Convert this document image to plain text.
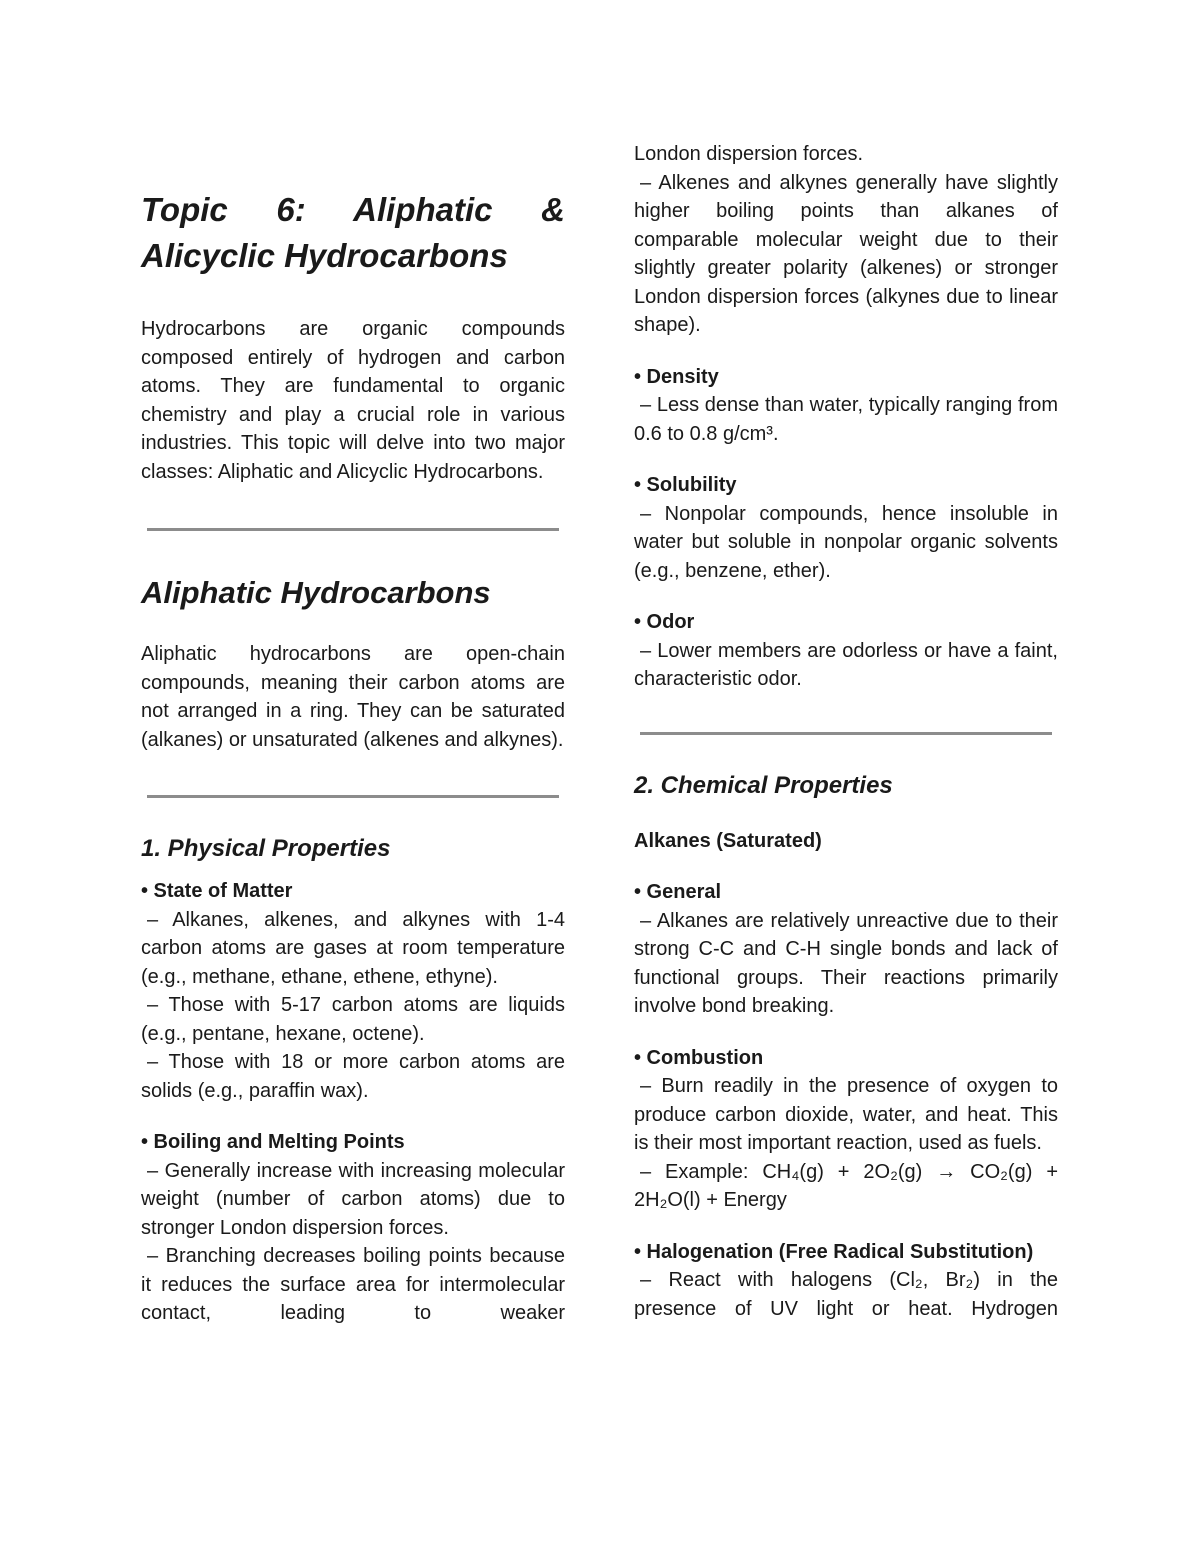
Topic 6: Aliphatic & Alicyclic Hydrocarbons

Hydrocarbons are organic compounds composed entirely of hydrogen and carbon atoms. They are fundamental to organic chemistry and play a crucial role in various industries. This topic will delve into two major classes: Aliphatic and Alicyclic Hydrocarbons.

Aliphatic Hydrocarbons

Aliphatic hydrocarbons are open-chain compounds, meaning their carbon atoms are not arranged in a ring. They can be saturated (alkanes) or unsaturated (alkenes and alkynes).

1. Physical Properties

• State of Matter

– Alkanes, alkenes, and alkynes with 1-4 carbon atoms are gases at room temperature (e.g., methane, ethane, ethene, ethyne).

– Those with 5-17 carbon atoms are liquids (e.g., pentane, hexane, octene).

– Those with 18 or more carbon atoms are solids (e.g., paraffin wax).

• Boiling and Melting Points

– Generally increase with increasing molecular weight (number of carbon atoms) due to stronger London dispersion forces.

– Branching decreases boiling points because it reduces the surface area for intermolecular contact, leading to weaker

London dispersion forces.

– Alkenes and alkynes generally have slightly higher boiling points than alkanes of comparable molecular weight due to their slightly greater polarity (alkenes) or stronger London dispersion forces (alkynes due to linear shape).

• Density

– Less dense than water, typically ranging from 0.6 to 0.8 g/cm³.

• Solubility

– Nonpolar compounds, hence insoluble in water but soluble in nonpolar organic solvents (e.g., benzene, ether).

• Odor

– Lower members are odorless or have a faint, characteristic odor.

2. Chemical Properties

Alkanes (Saturated)

• General

– Alkanes are relatively unreactive due to their strong C-C and C-H single bonds and lack of functional groups. Their reactions primarily involve bond breaking.

• Combustion

– Burn readily in the presence of oxygen to produce carbon dioxide, water, and heat. This is their most important reaction, used as fuels.

– Example: CH₄(g) + 2O₂(g) → CO₂(g) + 2H₂O(l) + Energy

• Halogenation (Free Radical Substitution)

– React with halogens (Cl₂, Br₂) in the presence of UV light or heat. Hydrogen
